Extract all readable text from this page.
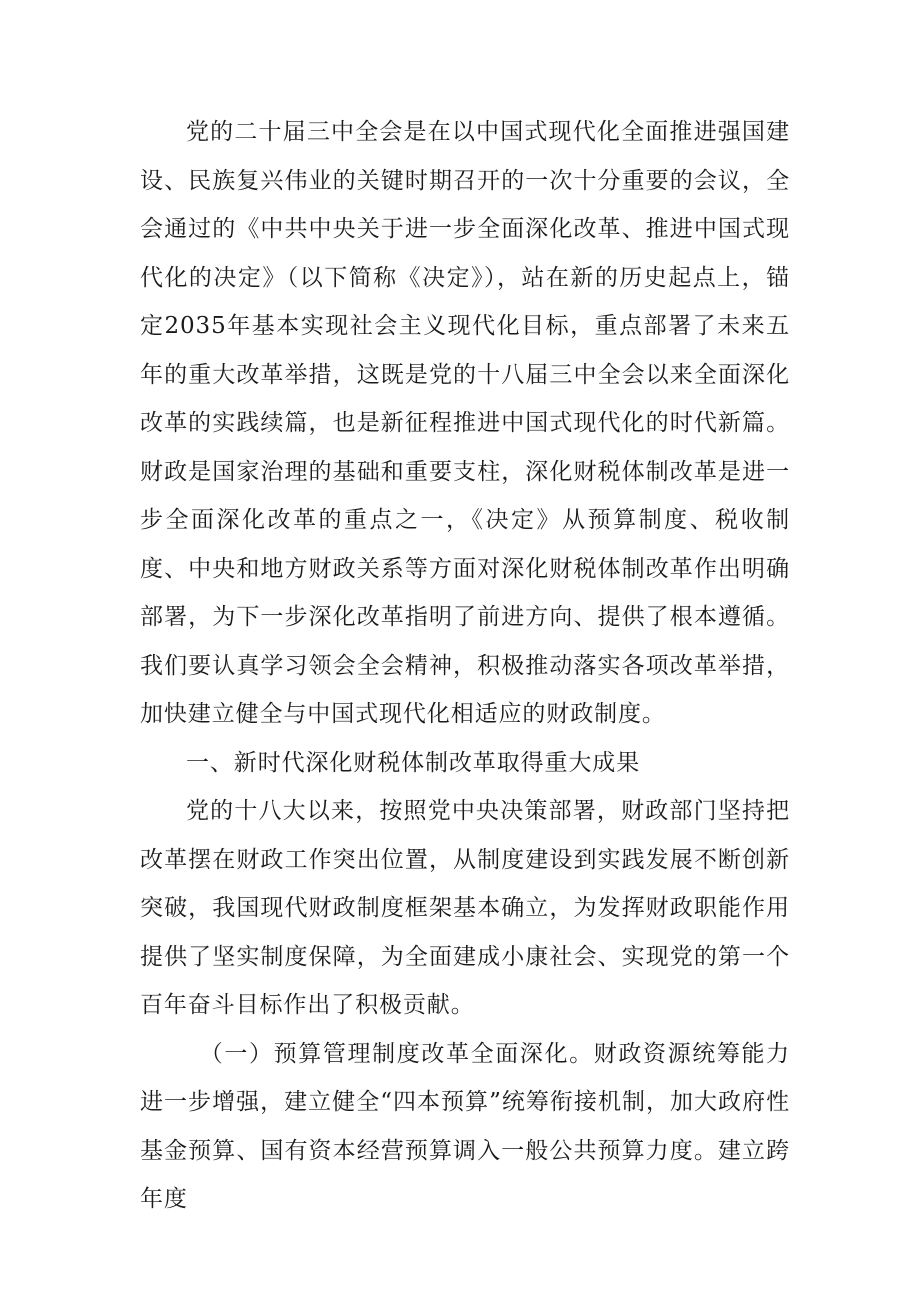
党的二十届三中全会是在以中国式现代化全面推进强国建设、民族复兴伟业的关键时期召开的一次十分重要的会议，全会通过的《中共中央关于进一步全面深化改革、推进中国式现代化的决定》（以下简称《决定》），站在新的历史起点上，锚定2035年基本实现社会主义现代化目标，重点部署了未来五年的重大改革举措，这既是党的十八届三中全会以来全面深化改革的实践续篇，也是新征程推进中国式现代化的时代新篇。财政是国家治理的基础和重要支柱，深化财税体制改革是进一步全面深化改革的重点之一，《决定》从预算制度、税收制度、中央和地方财政关系等方面对深化财税体制改革作出明确部署，为下一步深化改革指明了前进方向、提供了根本遵循。我们要认真学习领会全会精神，积极推动落实各项改革举措，加快建立健全与中国式现代化相适应的财政制度。

一、新时代深化财税体制改革取得重大成果

党的十八大以来，按照党中央决策部署，财政部门坚持把改革摆在财政工作突出位置，从制度建设到实践发展不断创新突破，我国现代财政制度框架基本确立，为发挥财政职能作用提供了坚实制度保障，为全面建成小康社会、实现党的第一个百年奋斗目标作出了积极贡献。

（一）预算管理制度改革全面深化。财政资源统筹能力进一步增强，建立健全“四本预算”统筹衔接机制，加大政府性基金预算、国有资本经营预算调入一般公共预算力度。建立跨年度
